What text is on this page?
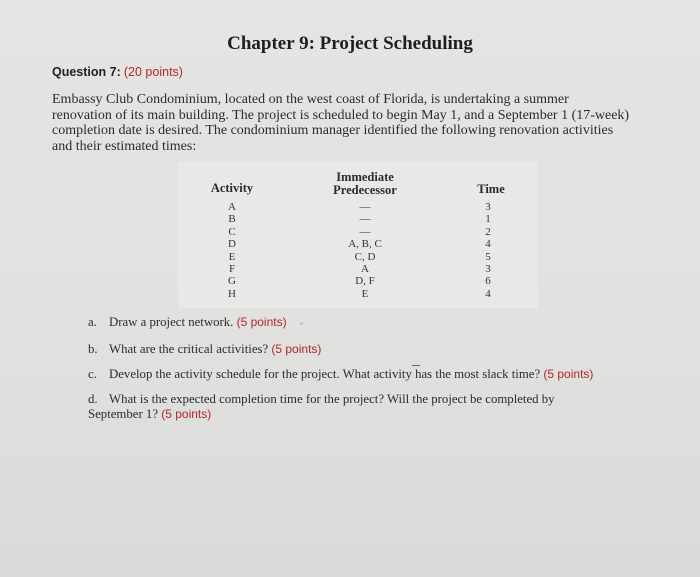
Chapter 9: Project Scheduling
Question 7: (20 points)
Embassy Club Condominium, located on the west coast of Florida, is undertaking a summer renovation of its main building. The project is scheduled to begin May 1, and a September 1 (17-week) completion date is desired. The condominium manager identified the following renovation activities and their estimated times:
Activity
Immediate
Predecessor	Time
A
B
C
D
E
F
G
H
—
—
—
A, B, C
C, D
A
D, F
E
3
1
2
4
5
3
6
4
a. Draw a project network. (5 points)
b. What are the critical activities? (5 points)
c. Develop the activity schedule for the project. What activity has the most slack time? (5 points)
d. What is the expected completion time for the project? Will the project be completed by
September 1? (5 points)
